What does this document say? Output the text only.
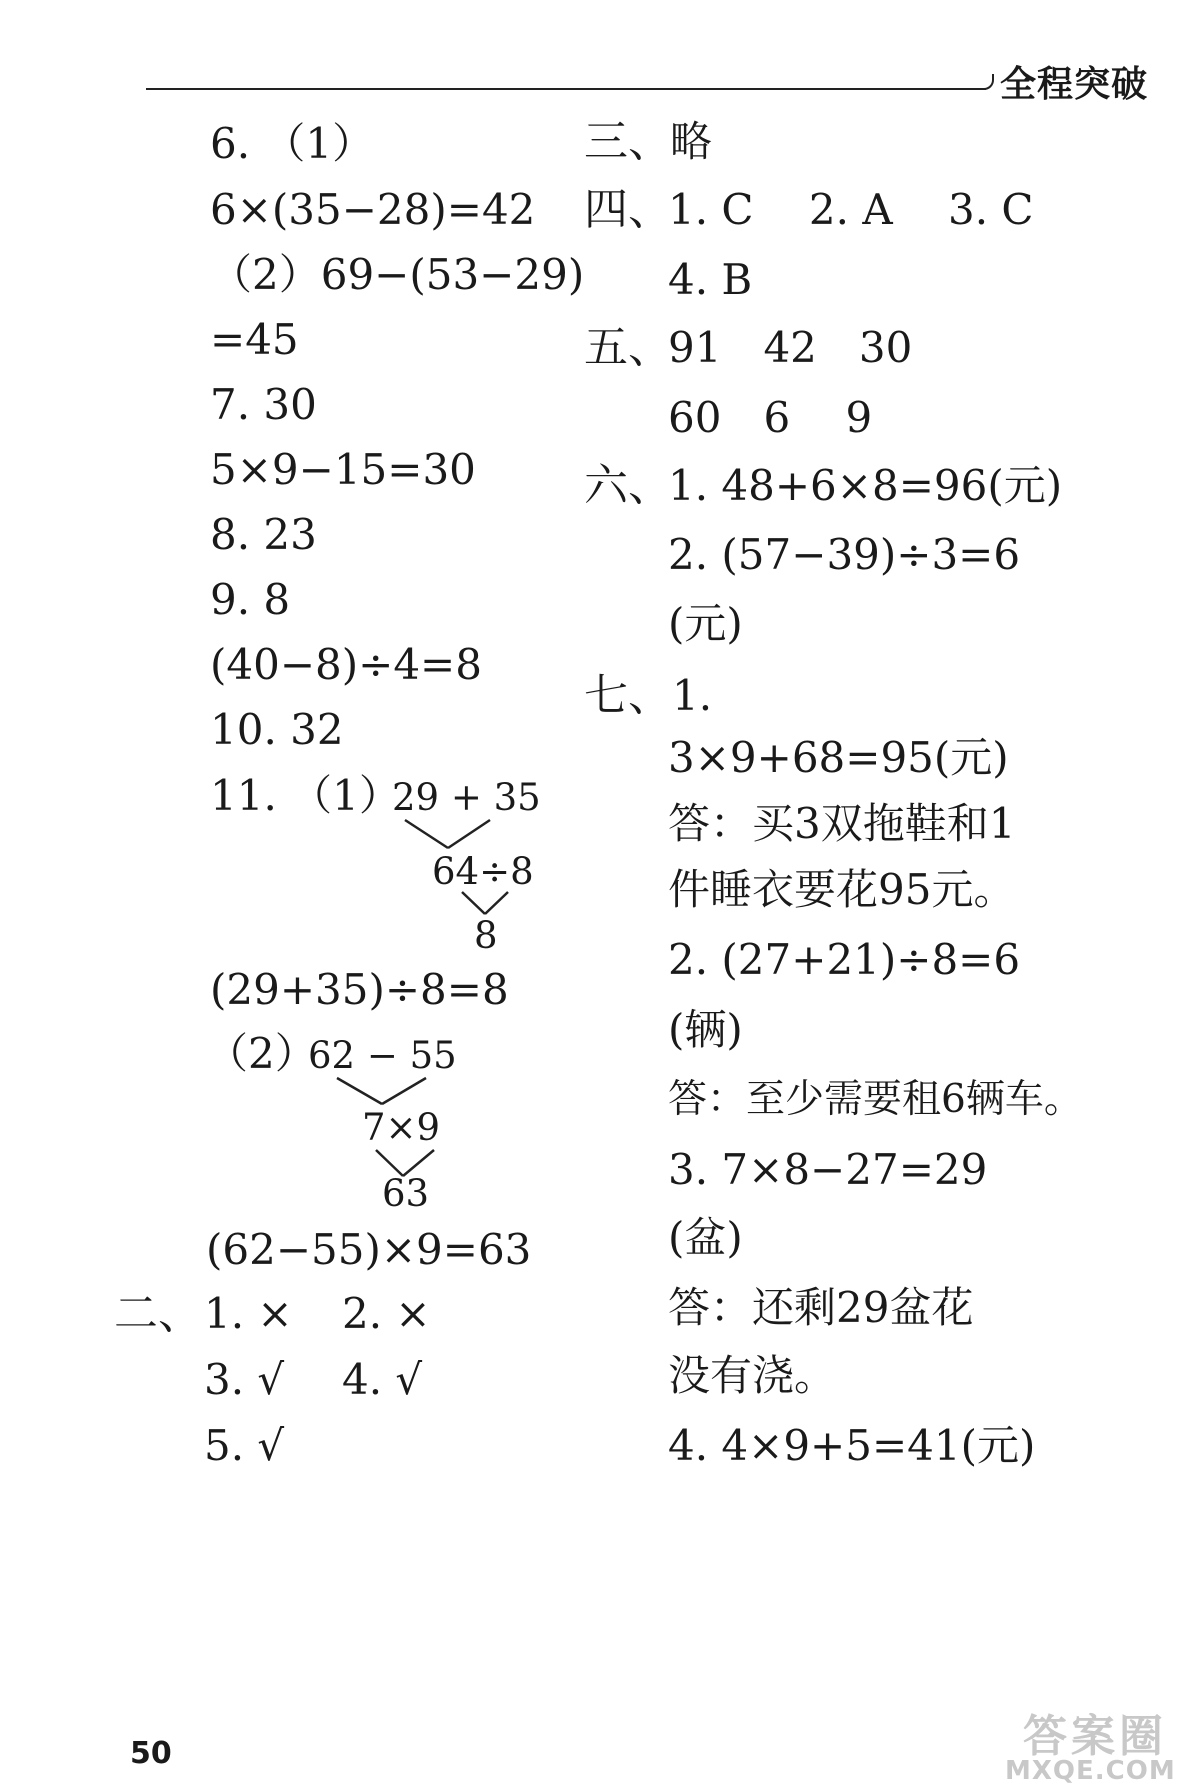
全程突破
6. （1）
6×(35−28)=42
（2）69−(53−29)
=45
7. 30
5×9−15=30
8. 23
9. 8
(40−8)÷4=8
10. 32
11. （1）
29 + 35
64÷8
8
(29+35)÷8=8
（2）
62 − 55
7×9
63
(62−55)×9=63
二、 1. × 2. ×
3. √ 4. √
5. √
三、
略
四、
1. C　 2. A　 3. C
4. B
五、
91　42　30
60　6　 9
六、
1. 48+6×8=96(元)
2. (57−39)÷3=6
(元)
七、 1.
3×9+68=95(元)
答：买3双拖鞋和1
件睡衣要花95元。
2. (27+21)÷8=6
(辆)
答：至少需要租6辆车。
3. 7×8−27=29
(盆)
答：还剩29盆花
没有浇。
4. 4×9+5=41(元)
50	答案圈
MXQE.COM
